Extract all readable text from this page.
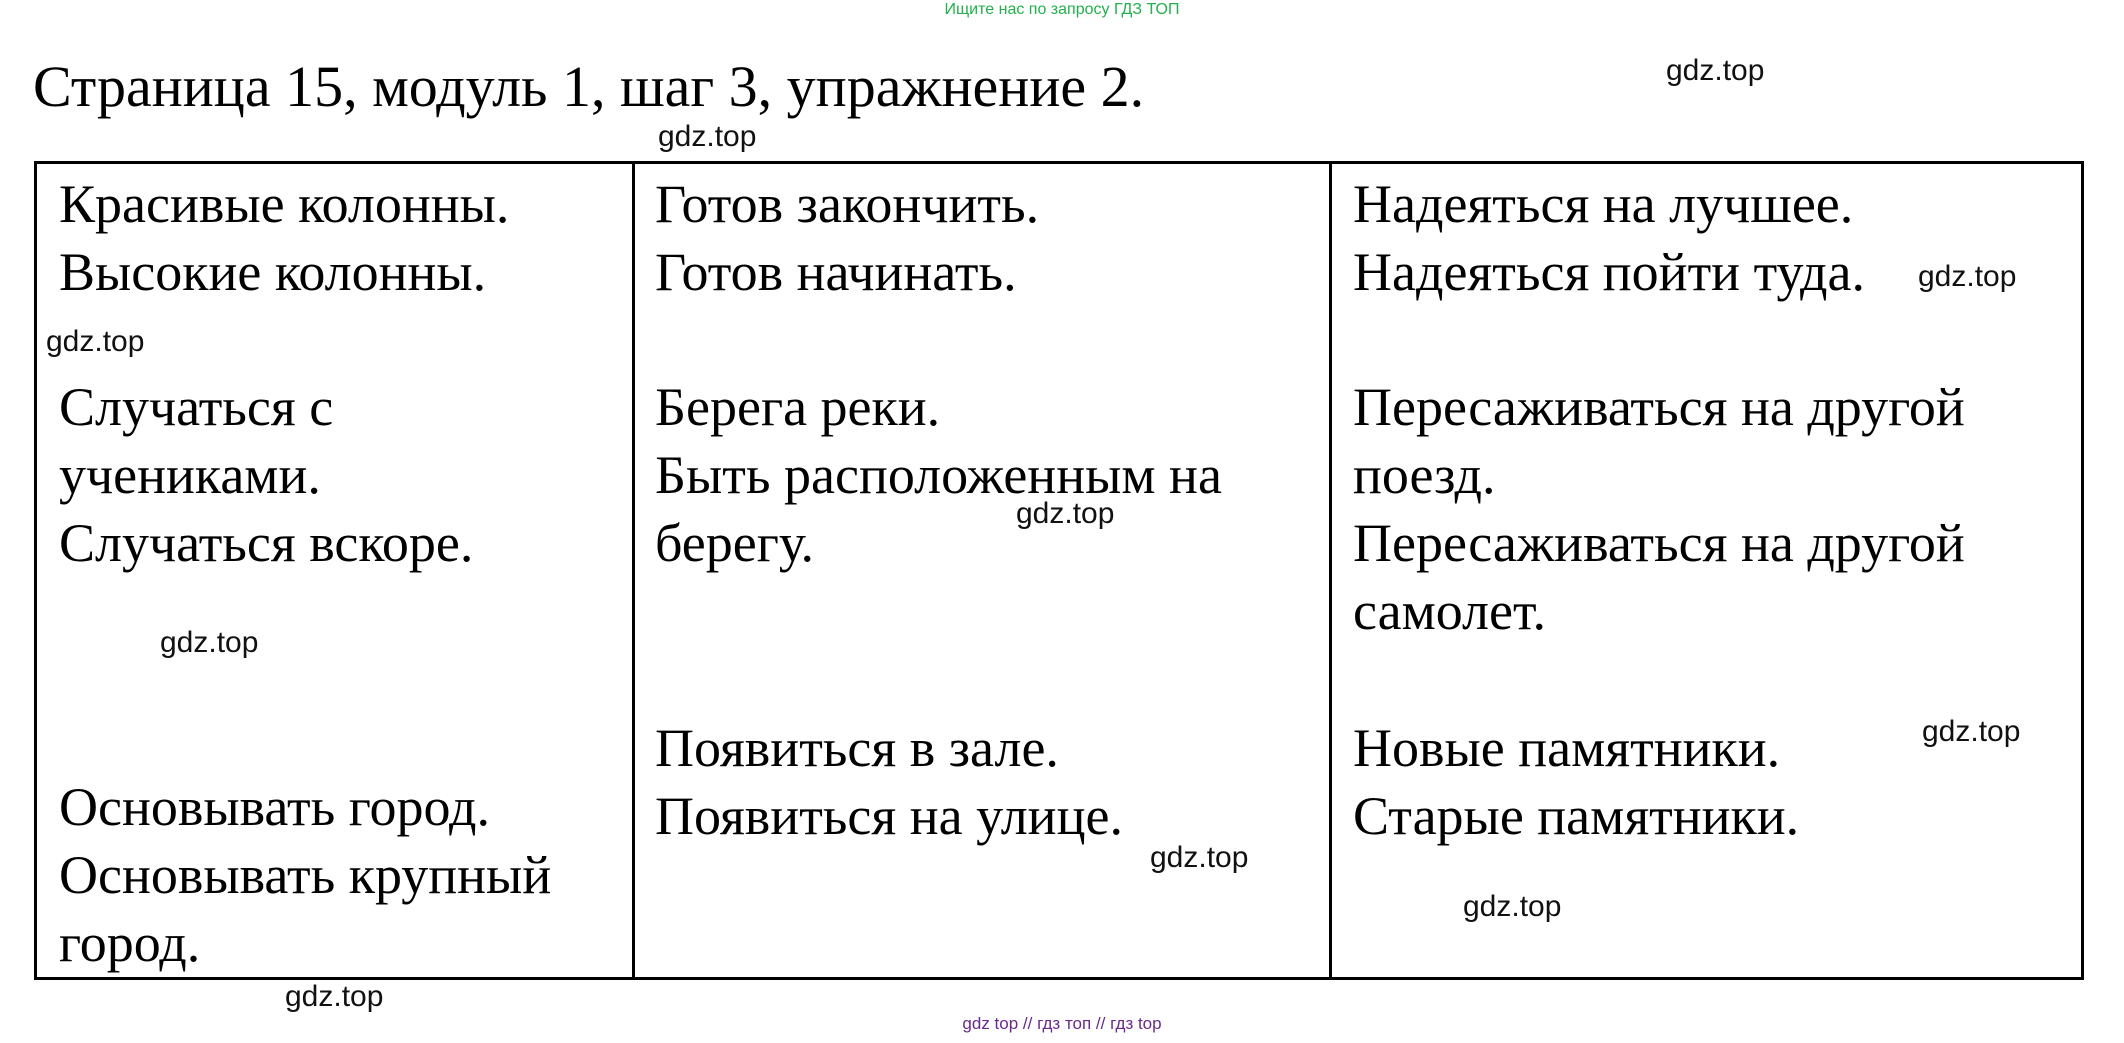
Ищите нас по запросу ГДЗ ТОП
Страница 15, модуль 1, шаг 3, упражнение 2.
Красивые колонны.
Высокие колонны.
Случаться с
учениками.
Случаться вскоре.
Основывать город.
Основывать крупный
город.
Готов закончить.
Готов начинать.
Берега реки.
Быть расположенным на
берегу.
Появиться в зале.
Появиться на улице.
Надеяться на лучшее.
Надеяться пойти туда.
Пересаживаться на другой
поезд.
Пересаживаться на другой
самолет.
Новые памятники.
Старые памятники.
gdz.top
gdz.top
gdz.top
gdz.top
gdz.top
gdz.top
gdz.top
gdz.top
gdz.top
gdz.top
gdz top // гдз топ // гдз top
